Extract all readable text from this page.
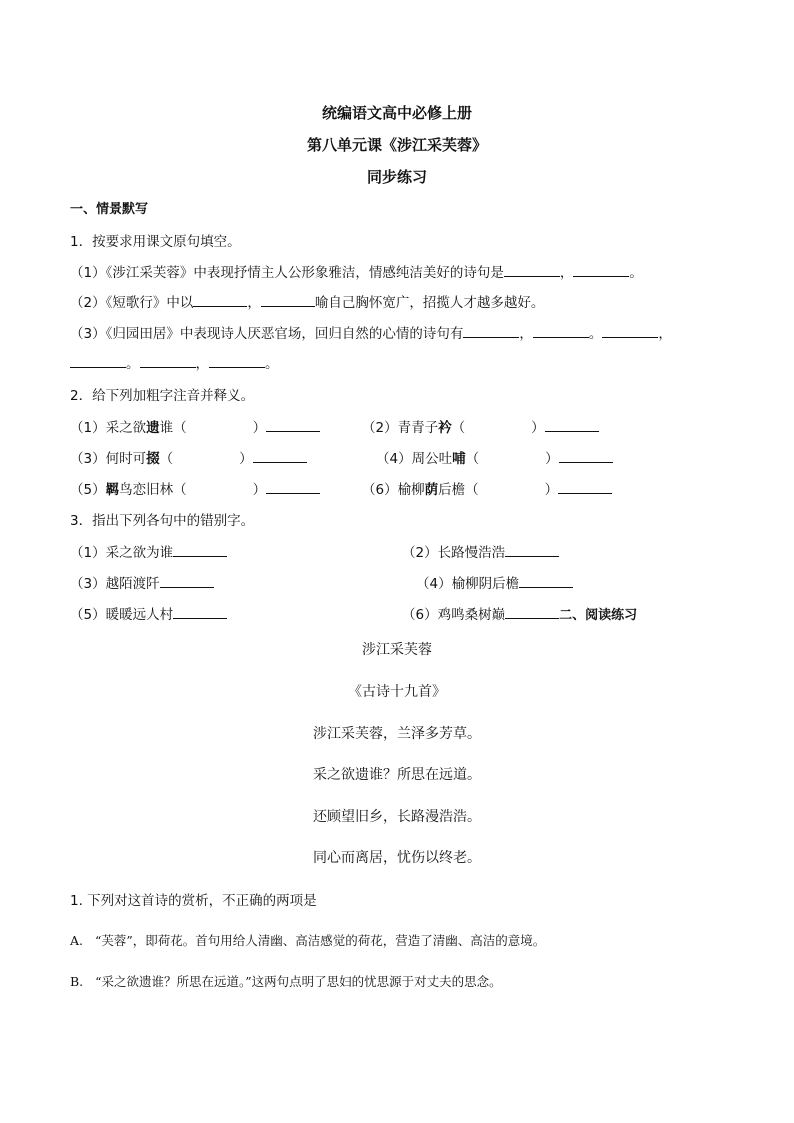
统编语文高中必修上册
第八单元课《涉江采芙蓉》
同步练习
一、情景默写
1．按要求用课文原句填空。
（1）《涉江采芙蓉》中表现抒情主人公形象雅洁，情感纯洁美好的诗句是	，	。
（2）《短歌行》中以	，	喻自己胸怀宽广，招揽人才越多越好。
（3）《归园田居》中表现诗人厌恶官场，回归自然的心情的诗句有	，	。	，
。	，	。
2．给下列加粗字注音并释义。
（1）采之欲遗谁（	）	（2）青青子衿（	）
（3）何时可掇（	）	（4）周公吐哺（	）
（5）羁鸟恋旧林（	）	（6）榆柳荫后檐（	）
3．指出下列各句中的错别字。
（1）采之欲为谁	（2）长路慢浩浩
（3）越陌渡阡	（4）榆柳阴后檐
（5）暖暖远人村	（6）鸡鸣桑树巅	二、阅读练习
涉江采芙蓉
《古诗十九首》
涉江采芙蓉，兰泽多芳草。
采之欲遗谁？所思在远道。
还顾望旧乡，长路漫浩浩。
同心而离居，忧伤以终老。
1. 下列对这首诗的赏析，不正确的两项是
A. “芙蓉”，即荷花。首句用给人清幽、高洁感觉的荷花，营造了清幽、高洁的意境。
B. “采之欲遗谁？所思在远道。”这两句点明了思妇的忧思源于对丈夫的思念。
